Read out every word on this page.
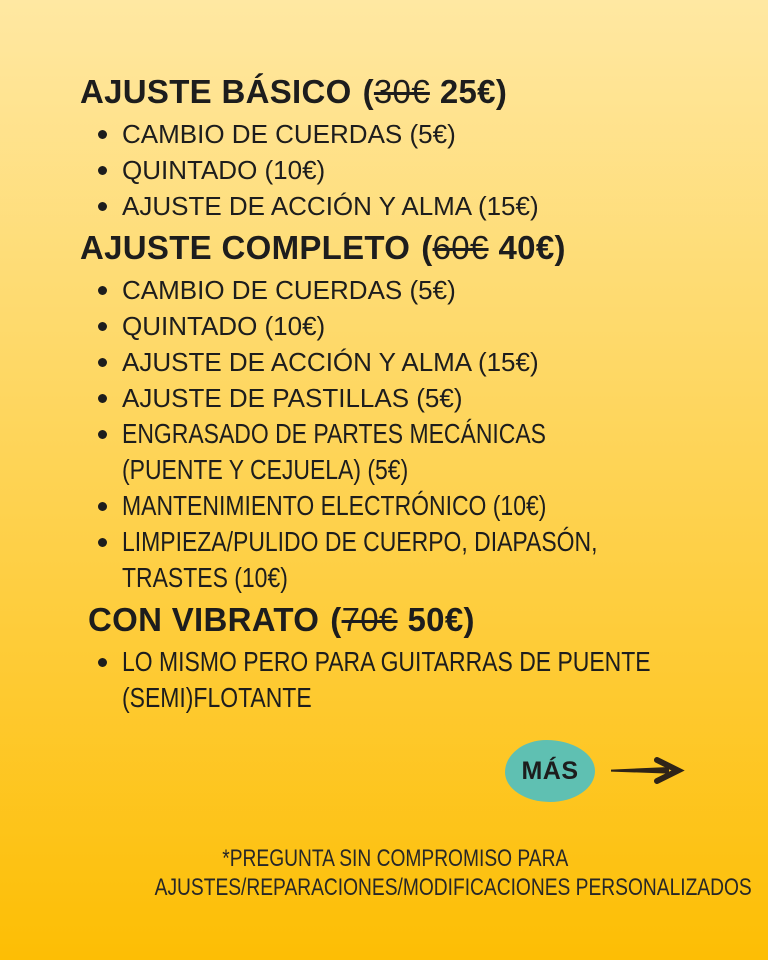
AJUSTE BÁSICO (30€ 25€)
CAMBIO DE CUERDAS (5€)
QUINTADO (10€)
AJUSTE DE ACCIÓN Y ALMA (15€)
AJUSTE COMPLETO (60€ 40€)
CAMBIO DE CUERDAS (5€)
QUINTADO (10€)
AJUSTE DE ACCIÓN Y ALMA (15€)
AJUSTE DE PASTILLAS (5€)
ENGRASADO DE PARTES MECÁNICAS
(PUENTE Y CEJUELA) (5€)
MANTENIMIENTO ELECTRÓNICO (10€)
LIMPIEZA/PULIDO DE CUERPO, DIAPASÓN,
TRASTES (10€)
CON VIBRATO (70€ 50€)
LO MISMO PERO PARA GUITARRAS DE PUENTE
(SEMI)FLOTANTE
MÁS
*PREGUNTA SIN COMPROMISO PARA
AJUSTES/REPARACIONES/MODIFICACIONES PERSONALIZADOS
